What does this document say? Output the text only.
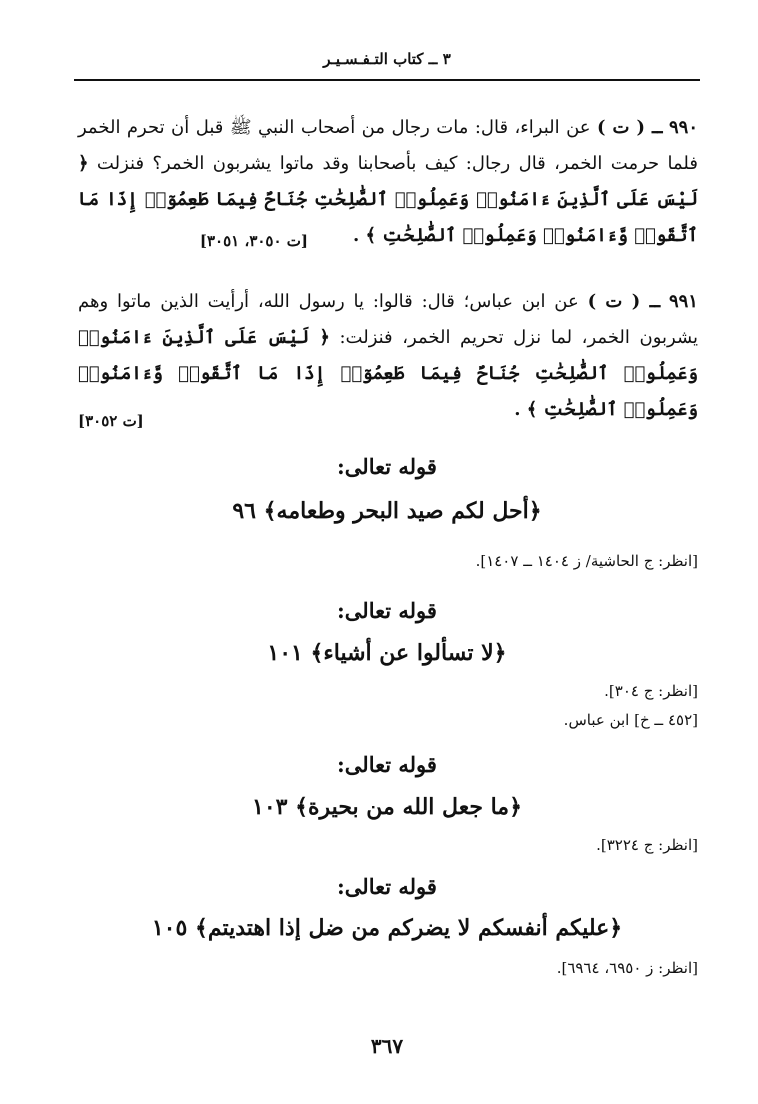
٣ ــ كتاب التـفـسـيـر

٩٩٠ ــ ( ت ) عن البراء، قال: مات رجال من أصحاب النبي ﷺ قبل أن تحرم الخمر فلما حرمت الخمر، قال رجال: كيف بأصحابنا وقد ماتوا يشربون الخمر؟ فنزلت ﴿ لَيْسَ عَلَى ٱلَّذِينَ ءَامَنُوا۟ وَعَمِلُوا۟ ٱلصَّٰلِحَٰتِ جُنَاحٌ فِيمَا طَعِمُوٓا۟ إِذَا مَا ٱتَّقَوا۟ وَّءَامَنُوا۟ وَعَمِلُوا۟ ٱلصَّٰلِحَٰتِ ﴾ .

[ت ٣٠٥٠، ٣٠٥١]

٩٩١ ــ ( ت ) عن ابن عباس؛ قال: قالوا: يا رسول الله، أرأيت الذين ماتوا وهم يشربون الخمر، لما نزل تحريم الخمر، فنزلت: ﴿ لَيْسَ عَلَى ٱلَّذِينَ ءَامَنُوا۟ وَعَمِلُوا۟ ٱلصَّٰلِحَٰتِ جُنَاحٌ فِيمَا طَعِمُوٓا۟ إِذَا مَا ٱتَّقَوا۟ وَّءَامَنُوا۟ وَعَمِلُوا۟ ٱلصَّٰلِحَٰتِ ﴾ .

[ت ٣٠٥٢]
قوله تعالى:
﴿أحل لكم صيد البحر وطعامه﴾ ٩٦
[انظر: ج الحاشية/ ز ١٤٠٤ ــ ١٤٠٧].
قوله تعالى:
﴿لا تسألوا عن أشياء﴾ ١٠١
[انظر: ج ٣٠٤].
[٤٥٢ ــ خ] ابن عباس.
قوله تعالى:
﴿ما جعل الله من بحيرة﴾ ١٠٣
[انظر: ج ٣٢٢٤].
قوله تعالى:
﴿عليكم أنفسكم لا يضركم من ضل إذا اهتديتم﴾ ١٠٥
[انظر: ز ٦٩٥٠، ٦٩٦٤].
٣٦٧
